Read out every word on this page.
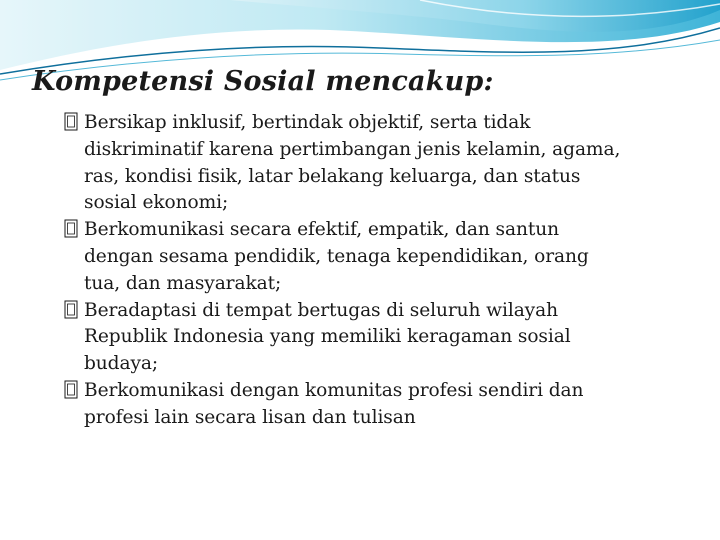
Kompetensi Sosial mencakup:
Bersikap inklusif, bertindak objektif, serta tidak
diskriminatif karena pertimbangan jenis kelamin, agama,
ras, kondisi fisik, latar belakang keluarga, dan status
sosial ekonomi;
Berkomunikasi secara efektif, empatik, dan santun
dengan sesama pendidik, tenaga kependidikan, orang
tua, dan masyarakat;
Beradaptasi di tempat bertugas di seluruh wilayah
Republik Indonesia yang memiliki keragaman sosial
budaya;
Berkomunikasi dengan komunitas profesi sendiri dan
profesi lain secara lisan dan tulisan
